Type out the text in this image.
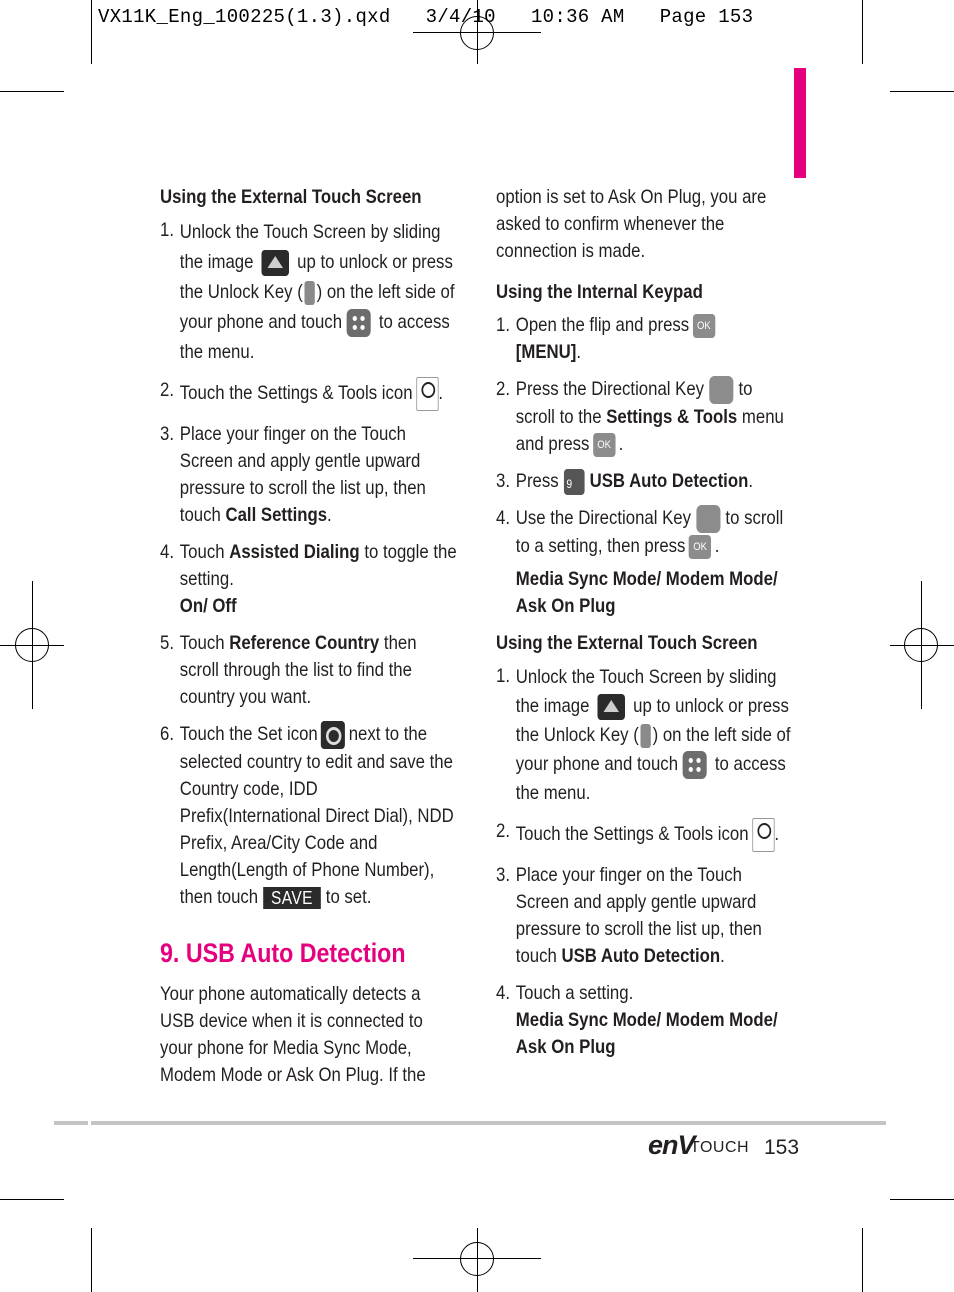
VX11K_Eng_100225(1.3).qxd   3/4/10   10:36 AM   Page 153
Using the External Touch Screen
1. Unlock the Touch Screen by sliding the image up to unlock or press the Unlock Key ( ) on the left side of your phone and touch to access the menu.
2. Touch the Settings & Tools icon .
3. Place your finger on the Touch Screen and apply gentle upward pressure to scroll the list up, then touch Call Settings.
4. Touch Assisted Dialing to toggle the setting.
On/ Off
5. Touch Reference Country then scroll through the list to find the country you want.
6. Touch the Set icon next to the selected country to edit and save the Country code, IDD Prefix(International Direct Dial), NDD Prefix, Area/City Code and Length(Length of Phone Number), then touch SAVE to set.
9. USB Auto Detection

Your phone automatically detects a USB device when it is connected to your phone for Media Sync Mode, Modem Mode or Ask On Plug. If the

option is set to Ask On Plug, you are asked to confirm whenever the connection is made.

Using the Internal Keypad
1. Open the flip and press OK
[MENU].
2. Press the Directional Key to scroll to the Settings & Tools menu and press OK .
3. Press 9 USB Auto Detection.
4. Use the Directional Key to scroll to a setting, then press OK .
Media Sync Mode/ Modem Mode/ Ask On Plug
Using the External Touch Screen
1. Unlock the Touch Screen by sliding the image up to unlock or press the Unlock Key ( ) on the left side of your phone and touch to access the menu.
2. Touch the Settings & Tools icon .
3. Place your finger on the Touch Screen and apply gentle upward pressure to scroll the list up, then touch USB Auto Detection.
4. Touch a setting.
Media Sync Mode/ Modem Mode/ Ask On Plug
enV
TOUCH 153
